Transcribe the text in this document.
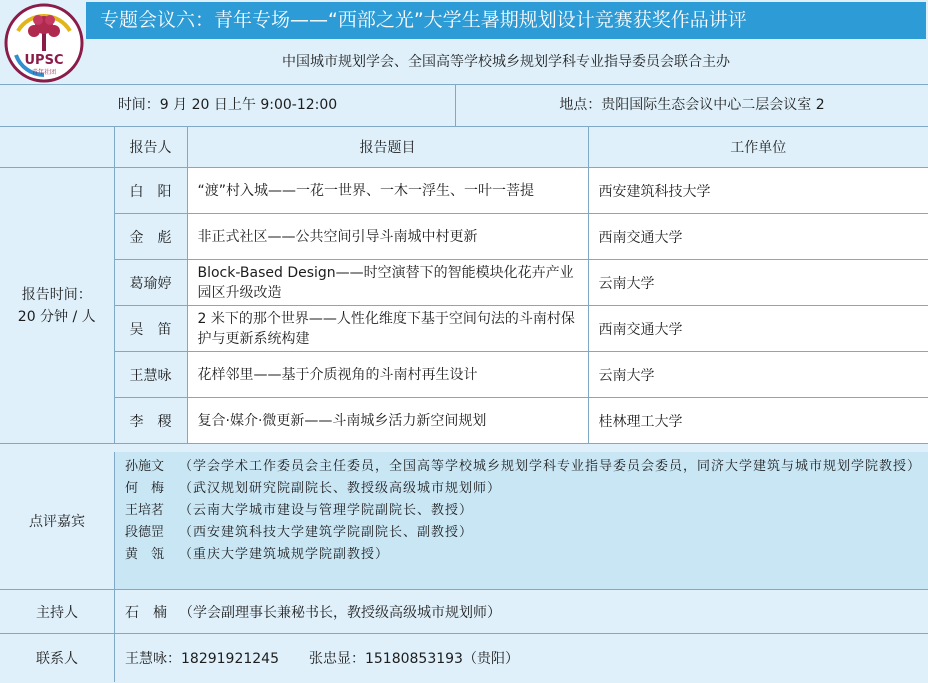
UPSC
青年社团
专题会议六：青年专场——“西部之光”大学生暑期规划设计竞赛获奖作品讲评
中国城市规划学会、全国高等学校城乡规划学科专业指导委员会联合主办
时间：9 月 20 日上午 9:00-12:00	地点：贵阳国际生态会议中心二层会议室 2
	报告人	报告题目	工作单位

报告时间：
20 分钟 / 人	白　阳	“渡”村入城——一花一世界、一木一浮生、一叶一菩提	西安建筑科技大学
	金　彪	非正式社区——公共空间引导斗南城中村更新	西南交通大学
	葛瑜婷	Block-Based Design——时空演替下的智能模块化花卉产业园区升级改造	云南大学
	吴　笛	2 米下的那个世界——人性化维度下基于空间句法的斗南村保护与更新系统构建	西南交通大学
	王慧咏	花样邻里——基于介质视角的斗南村再生设计	云南大学
	李　稷	复合·媒介·微更新——斗南城乡活力新空间规划	桂林理工大学
点评嘉宾
孙施文	（学会学术工作委员会主任委员，全国高等学校城乡规划学科专业指导委员会委员，同济大学建筑与城市规划学院教授）
何　梅	（武汉规划研究院副院长、教授级高级城市规划师）
王培茗	（云南大学城市建设与管理学院副院长、教授）
段德罡	（西安建筑科技大学建筑学院副院长、副教授）
黄　瓴	（重庆大学建筑城规学院副教授）
主持人	石　楠 （学会副理事长兼秘书长，教授级高级城市规划师）
联系人	王慧咏：18291921245 张忠显：15180853193（贵阳）
